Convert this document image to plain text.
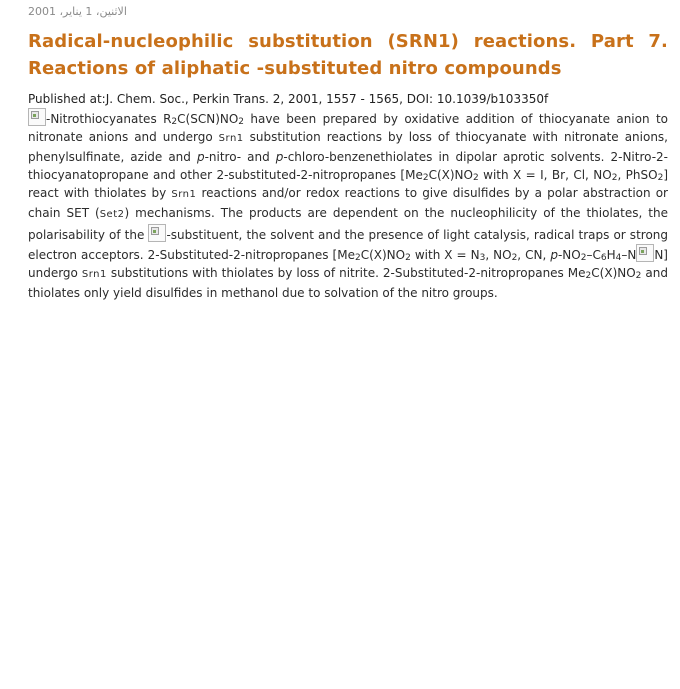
الاثنين، 1 يناير، 2001
Radical-nucleophilic substitution (SRN1) reactions. Part 7. Reactions of aliphatic -substituted nitro compounds
Published at:J. Chem. Soc., Perkin Trans. 2, 2001, 1557 - 1565, DOI: 10.1039/b103350f

-Nitrothiocyanates $R_2C(SCN)NO_2$ have been prepared by oxidative addition of thiocyanate anion to nitronate anions and undergo Srn1 substitution reactions by loss of thiocyanate with nitronate anions, phenylsulfinate, azide and p-nitro- and p-chloro-benzenethiolates in dipolar aprotic solvents. 2-Nitro-2-thiocyanatopropane and other 2-substituted-2-nitropropanes [$Me_2C(X)NO_2$ with X = I, Br, Cl, $NO_2$, PhSO$_2$] react with thiolates by Srn1 reactions and/or redox reactions to give disulfides by a polar abstraction or chain SET (Set2) mechanisms. The products are dependent on the nucleophilicity of the thiolates, the polarisability of the -substituent, the solvent and the presence of light catalysis, radical traps or strong electron acceptors. 2-Substituted-2-nitropropanes [$Me_2C(X)NO_2$ with $X = N_3$, $NO_2$, CN, $p-NO_2-C_6H_4-N$ N] undergo Srn1 substitutions with thiolates by loss of nitrite. 2-Substituted-2-nitropropanes $Me_2C(X)NO_2$ and thiolates only yield disulfides in methanol due to solvation of the nitro groups.
